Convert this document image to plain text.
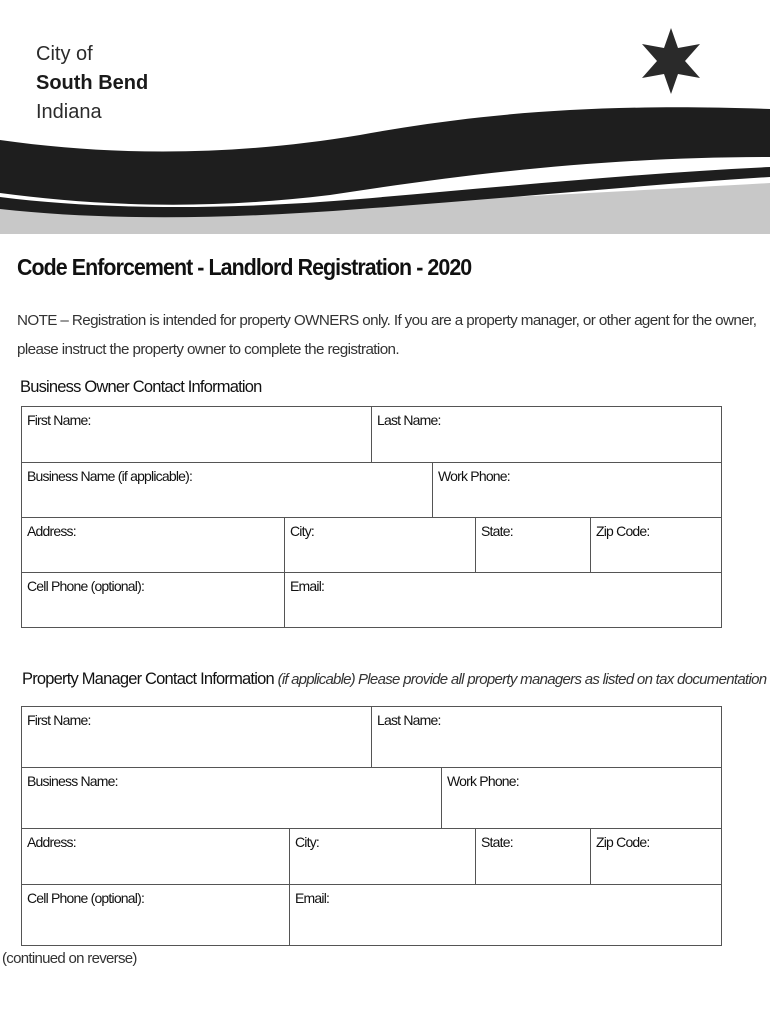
City of
South Bend
Indiana
Code Enforcement - Landlord Registration - 2020
NOTE – Registration is intended for property OWNERS only. If you are a property manager, or other agent for the owner, please instruct the property owner to complete the registration.
Business Owner Contact Information
First Name:	Last Name:
Business Name (if applicable):	Work Phone:
Address:	City:	State:	Zip Code:
Cell Phone (optional):	Email:
Property Manager Contact Information (if applicable) Please provide all property managers as listed on tax documentation
First Name:	Last Name:
Business Name:	Work Phone:
Address:	City:	State:	Zip Code:
Cell Phone (optional):	Email:
(continued on reverse)
